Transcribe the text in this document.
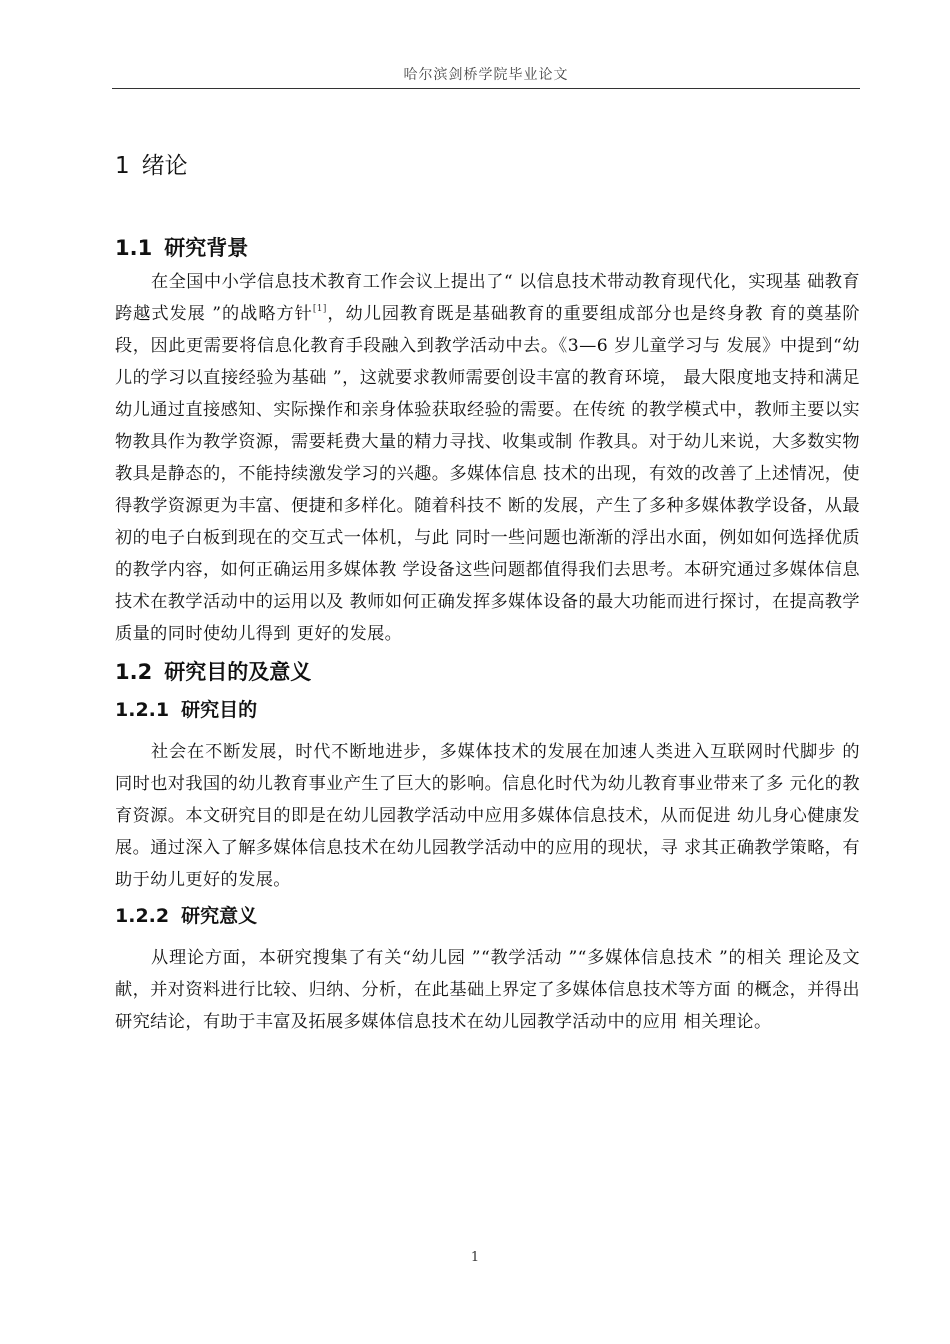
哈尔滨剑桥学院毕业论文
1 绪论
1.1 研究背景

在全国中小学信息技术教育工作会议上提出了“ 以信息技术带动教育现代化，实现基 础教育跨越式发展 ”的战略方针[1]，幼儿园教育既是基础教育的重要组成部分也是终身教 育的奠基阶段，因此更需要将信息化教育手段融入到教学活动中去。《3—6 岁儿童学习与 发展》中提到“幼儿的学习以直接经验为基础 ”，这就要求教师需要创设丰富的教育环境， 最大限度地支持和满足幼儿通过直接感知、实际操作和亲身体验获取经验的需要。在传统 的教学模式中，教师主要以实物教具作为教学资源，需要耗费大量的精力寻找、收集或制 作教具。对于幼儿来说，大多数实物教具是静态的，不能持续激发学习的兴趣。多媒体信息 技术的出现，有效的改善了上述情况，使得教学资源更为丰富、便捷和多样化。随着科技不 断的发展，产生了多种多媒体教学设备，从最初的电子白板到现在的交互式一体机，与此 同时一些问题也渐渐的浮出水面，例如如何选择优质的教学内容，如何正确运用多媒体教 学设备这些问题都值得我们去思考。本研究通过多媒体信息技术在教学活动中的运用以及 教师如何正确发挥多媒体设备的最大功能而进行探讨，在提高教学质量的同时使幼儿得到 更好的发展。

1.2 研究目的及意义
1.2.1 研究目的

社会在不断发展，时代不断地进步，多媒体技术的发展在加速人类进入互联网时代脚步 的同时也对我国的幼儿教育事业产生了巨大的影响。信息化时代为幼儿教育事业带来了多 元化的教育资源。本文研究目的即是在幼儿园教学活动中应用多媒体信息技术，从而促进 幼儿身心健康发展。通过深入了解多媒体信息技术在幼儿园教学活动中的应用的现状，寻 求其正确教学策略，有助于幼儿更好的发展。

1.2.2 研究意义

从理论方面，本研究搜集了有关“幼儿园 ”“教学活动 ”“多媒体信息技术 ”的相关 理论及文献，并对资料进行比较、归纳、分析，在此基础上界定了多媒体信息技术等方面 的概念，并得出研究结论，有助于丰富及拓展多媒体信息技术在幼儿园教学活动中的应用 相关理论。

1
